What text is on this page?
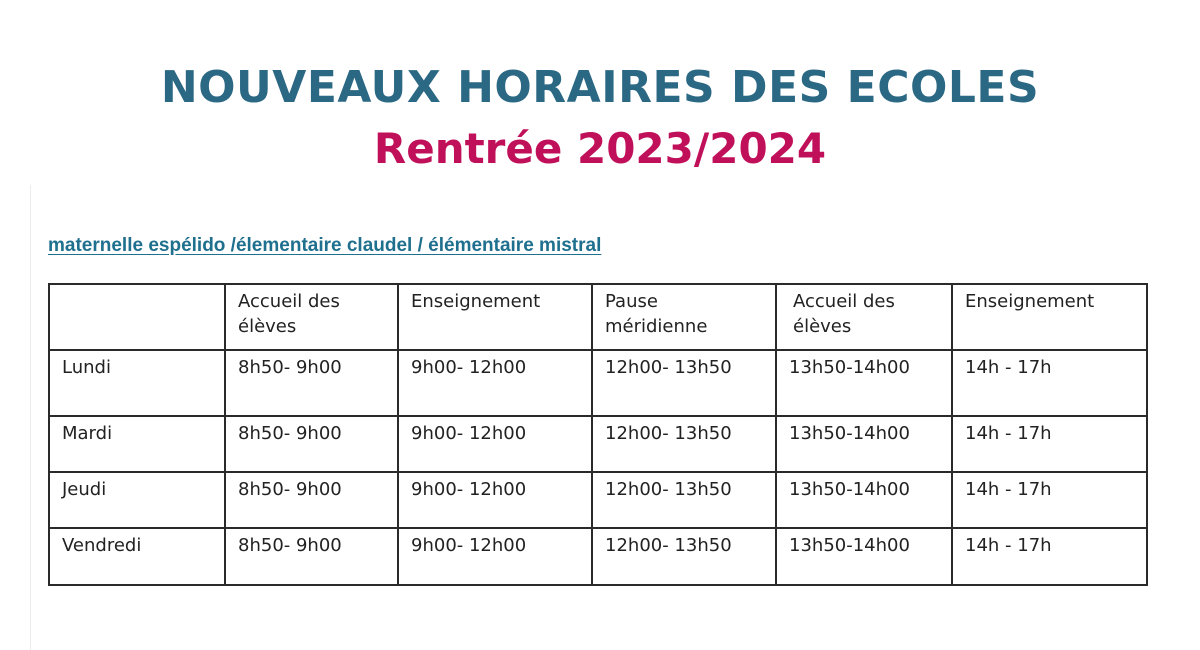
NOUVEAUX HORAIRES DES ECOLES
Rentrée 2023/2024
maternelle espélido /élementaire claudel / élémentaire mistral
	Accueil des élèves	Enseignement	Pause méridienne	Accueil des élèves	Enseignement
Lundi	8h50- 9h00	9h00- 12h00	12h00- 13h50	13h50-14h00	14h - 17h
Mardi	8h50- 9h00	9h00- 12h00	12h00- 13h50	13h50-14h00	14h - 17h
Jeudi	8h50- 9h00	9h00- 12h00	12h00- 13h50	13h50-14h00	14h - 17h
Vendredi	8h50- 9h00	9h00- 12h00	12h00- 13h50	13h50-14h00	14h - 17h
